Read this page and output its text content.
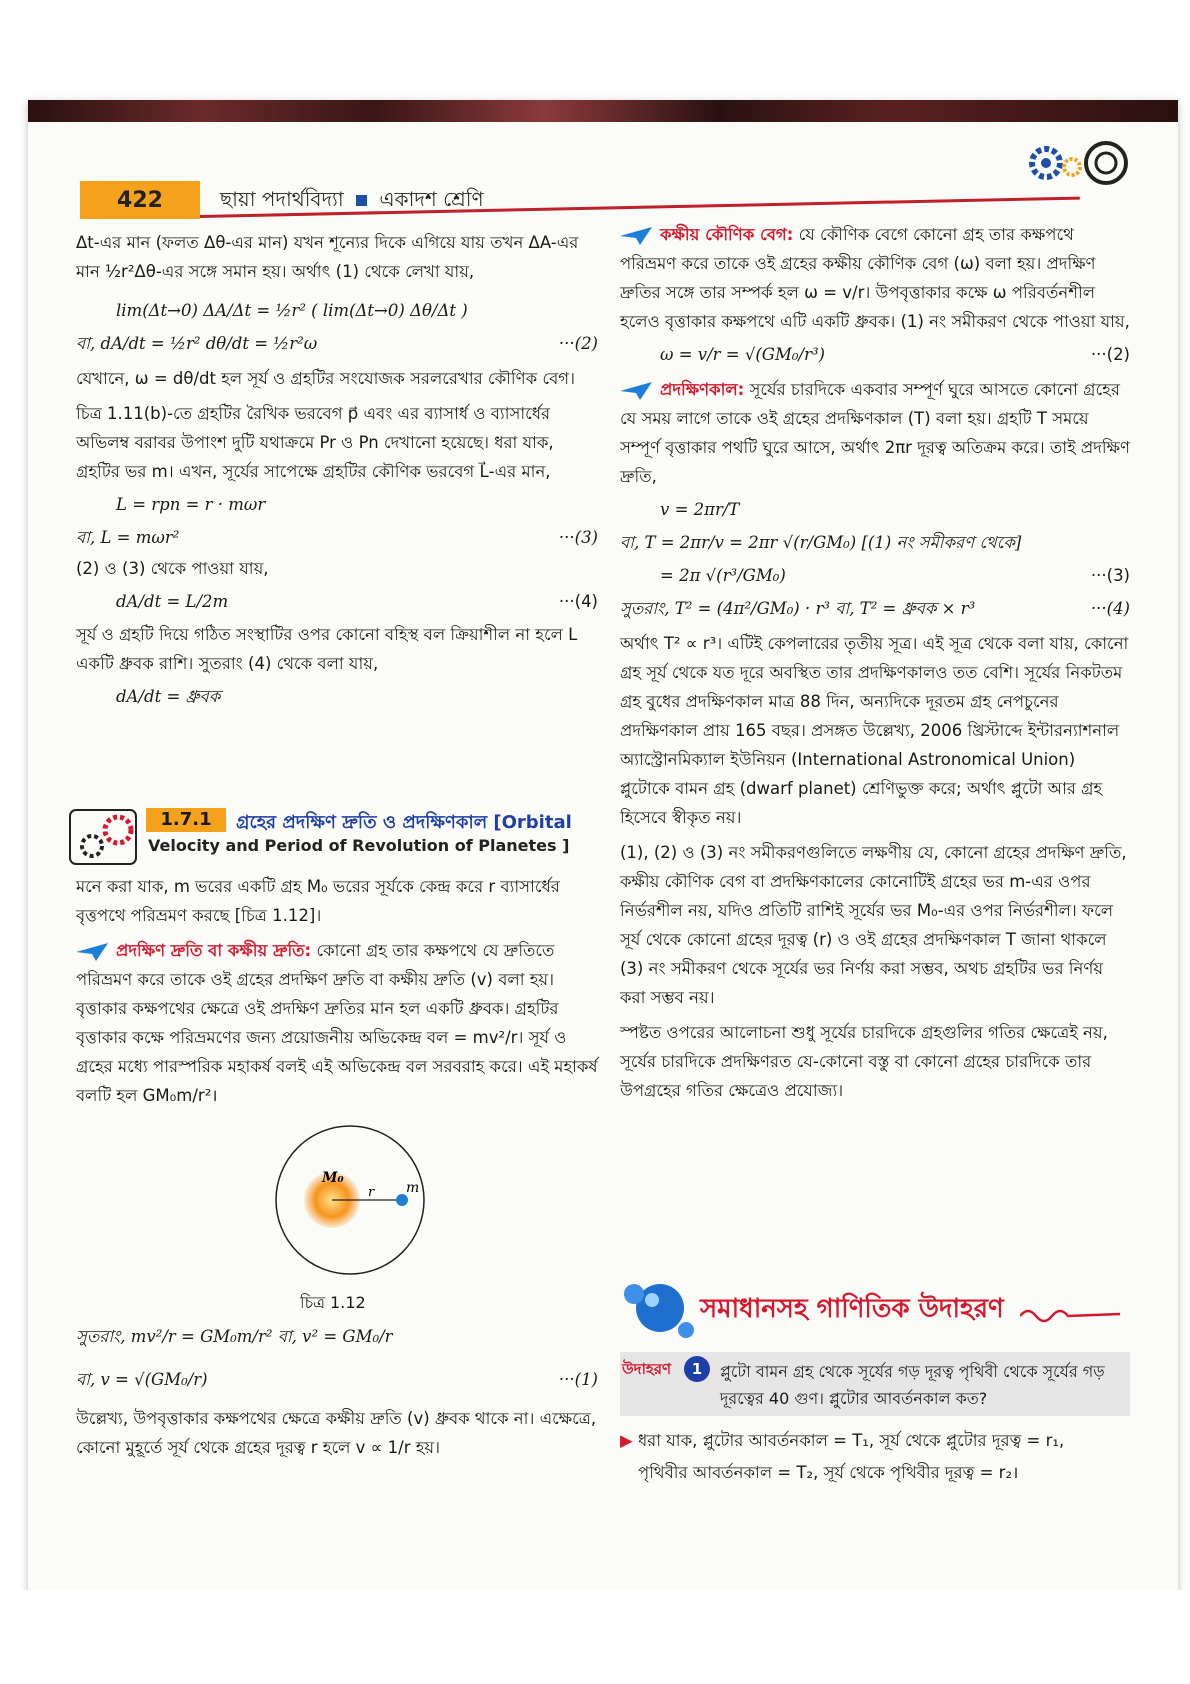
422	ছায়া পদার্থবিদ্যা একাদশ শ্রেণি

Δt-এর মান (ফলত Δθ-এর মান) যখন শূন্যের দিকে এগিয়ে যায় তখন ΔA-এর মান ½r²Δθ-এর সঙ্গে সমান হয়। অর্থাৎ (1) থেকে লেখা যায়,

lim(Δt→0) ΔA/Δt = ½r² ( lim(Δt→0) Δθ/Δt )
বা, dA/dt = ½r² dθ/dt = ½r²ω	···(2)

যেখানে, ω = dθ/dt হল সূর্য ও গ্রহটির সংযোজক সরলরেখার কৌণিক বেগ।

চিত্র 1.11(b)-তে গ্রহটির রৈখিক ভরবেগ p⃗ এবং এর ব্যাসার্ধ ও ব্যাসার্ধের অভিলম্ব বরাবর উপাংশ দুটি যথাক্রমে Pr ও Pn দেখানো হয়েছে। ধরা যাক, গ্রহটির ভর m। এখন, সূর্যের সাপেক্ষে গ্রহটির কৌণিক ভরবেগ L⃗-এর মান,

L = rpn = r · mωr
বা, L = mωr²	···(3)

(2) ও (3) থেকে পাওয়া যায়,

dA/dt = L/2m	···(4)

সূর্য ও গ্রহটি দিয়ে গঠিত সংস্থাটির ওপর কোনো বহিস্থ বল ক্রিয়াশীল না হলে L একটি ধ্রুবক রাশি। সুতরাং (4) থেকে বলা যায়,

dA/dt = ধ্রুবক
1.7.1	গ্রহের প্রদক্ষিণ দ্রুতি ও প্রদক্ষিণকাল [Orbital
Velocity and Period of Revolution of Planetes ]

মনে করা যাক, m ভরের একটি গ্রহ M₀ ভরের সূর্যকে কেন্দ্র করে r ব্যাসার্ধের বৃত্তপথে পরিভ্রমণ করছে [চিত্র 1.12]।

প্রদক্ষিণ দ্রুতি বা কক্ষীয় দ্রুতি: কোনো গ্রহ তার কক্ষপথে যে দ্রুতিতে পরিভ্রমণ করে তাকে ওই গ্রহের প্রদক্ষিণ দ্রুতি বা কক্ষীয় দ্রুতি (v) বলা হয়। বৃত্তাকার কক্ষপথের ক্ষেত্রে ওই প্রদক্ষিণ দ্রুতির মান হল একটি ধ্রুবক। গ্রহটির বৃত্তাকার কক্ষে পরিভ্রমণের জন্য প্রয়োজনীয় অভিকেন্দ্র বল = mv²/r। সূর্য ও গ্রহের মধ্যে পারস্পরিক মহাকর্ষ বলই এই অভিকেন্দ্র বল সরবরাহ করে। এই মহাকর্ষ বলটি হল GM₀m/r²।

M₀
r m
চিত্র 1.12
সুতরাং, mv²/r = GM₀m/r² বা, v² = GM₀/r
বা, v = √(GM₀/r)	···(1)

উল্লেখ্য, উপবৃত্তাকার কক্ষপথের ক্ষেত্রে কক্ষীয় দ্রুতি (v) ধ্রুবক থাকে না। এক্ষেত্রে, কোনো মুহূর্তে সূর্য থেকে গ্রহের দূরত্ব r হলে v ∝ 1/r হয়।

কক্ষীয় কৌণিক বেগ: যে কৌণিক বেগে কোনো গ্রহ তার কক্ষপথে পরিভ্রমণ করে তাকে ওই গ্রহের কক্ষীয় কৌণিক বেগ (ω) বলা হয়। প্রদক্ষিণ দ্রুতির সঙ্গে তার সম্পর্ক হল ω = v/r। উপবৃত্তাকার কক্ষে ω পরিবর্তনশীল হলেও বৃত্তাকার কক্ষপথে এটি একটি ধ্রুবক। (1) নং সমীকরণ থেকে পাওয়া যায়,

ω = v/r = √(GM₀/r³)	···(2)

প্রদক্ষিণকাল: সূর্যের চারদিকে একবার সম্পূর্ণ ঘুরে আসতে কোনো গ্রহের যে সময় লাগে তাকে ওই গ্রহের প্রদক্ষিণকাল (T) বলা হয়। গ্রহটি T সময়ে সম্পূর্ণ বৃত্তাকার পথটি ঘুরে আসে, অর্থাৎ 2πr দূরত্ব অতিক্রম করে। তাই প্রদক্ষিণ দ্রুতি,

v = 2πr/T
বা, T = 2πr/v = 2πr √(r/GM₀) [(1) নং সমীকরণ থেকে]
= 2π √(r³/GM₀)	···(3)
সুতরাং, T² = (4π²/GM₀) · r³ বা, T² = ধ্রুবক × r³	···(4)

অর্থাৎ T² ∝ r³। এটিই কেপলারের তৃতীয় সূত্র। এই সূত্র থেকে বলা যায়, কোনো গ্রহ সূর্য থেকে যত দূরে অবস্থিত তার প্রদক্ষিণকালও তত বেশি। সূর্যের নিকটতম গ্রহ বুধের প্রদক্ষিণকাল মাত্র 88 দিন, অন্যদিকে দূরতম গ্রহ নেপচুনের প্রদক্ষিণকাল প্রায় 165 বছর। প্রসঙ্গত উল্লেখ্য, 2006 খ্রিস্টাব্দে ইন্টারন্যাশনাল অ্যাস্ট্রোনমিক্যাল ইউনিয়ন (International Astronomical Union) প্লুটোকে বামন গ্রহ (dwarf planet) শ্রেণিভুক্ত করে; অর্থাৎ প্লুটো আর গ্রহ হিসেবে স্বীকৃত নয়।

(1), (2) ও (3) নং সমীকরণগুলিতে লক্ষণীয় যে, কোনো গ্রহের প্রদক্ষিণ দ্রুতি, কক্ষীয় কৌণিক বেগ বা প্রদক্ষিণকালের কোনোটিই গ্রহের ভর m-এর ওপর নির্ভরশীল নয়, যদিও প্রতিটি রাশিই সূর্যের ভর M₀-এর ওপর নির্ভরশীল। ফলে সূর্য থেকে কোনো গ্রহের দূরত্ব (r) ও ওই গ্রহের প্রদক্ষিণকাল T জানা থাকলে (3) নং সমীকরণ থেকে সূর্যের ভর নির্ণয় করা সম্ভব, অথচ গ্রহটির ভর নির্ণয় করা সম্ভব নয়।

স্পষ্টত ওপরের আলোচনা শুধু সূর্যের চারদিকে গ্রহগুলির গতির ক্ষেত্রেই নয়, সূর্যের চারদিকে প্রদক্ষিণরত যে-কোনো বস্তু বা কোনো গ্রহের চারদিকে তার উপগ্রহের গতির ক্ষেত্রেও প্রযোজ্য।

সমাধানসহ গাণিতিক উদাহরণ
উদাহরণ	1	প্লুটো বামন গ্রহ থেকে সূর্যের গড় দূরত্ব পৃথিবী থেকে সূর্যের গড় দূরত্বের 40 গুণ। প্লুটোর আবর্তনকাল কত?

▶ ধরা যাক, প্লুটোর আবর্তনকাল = T₁, সূর্য থেকে প্লুটোর দূরত্ব = r₁,

পৃথিবীর আবর্তনকাল = T₂, সূর্য থেকে পৃথিবীর দূরত্ব = r₂।
